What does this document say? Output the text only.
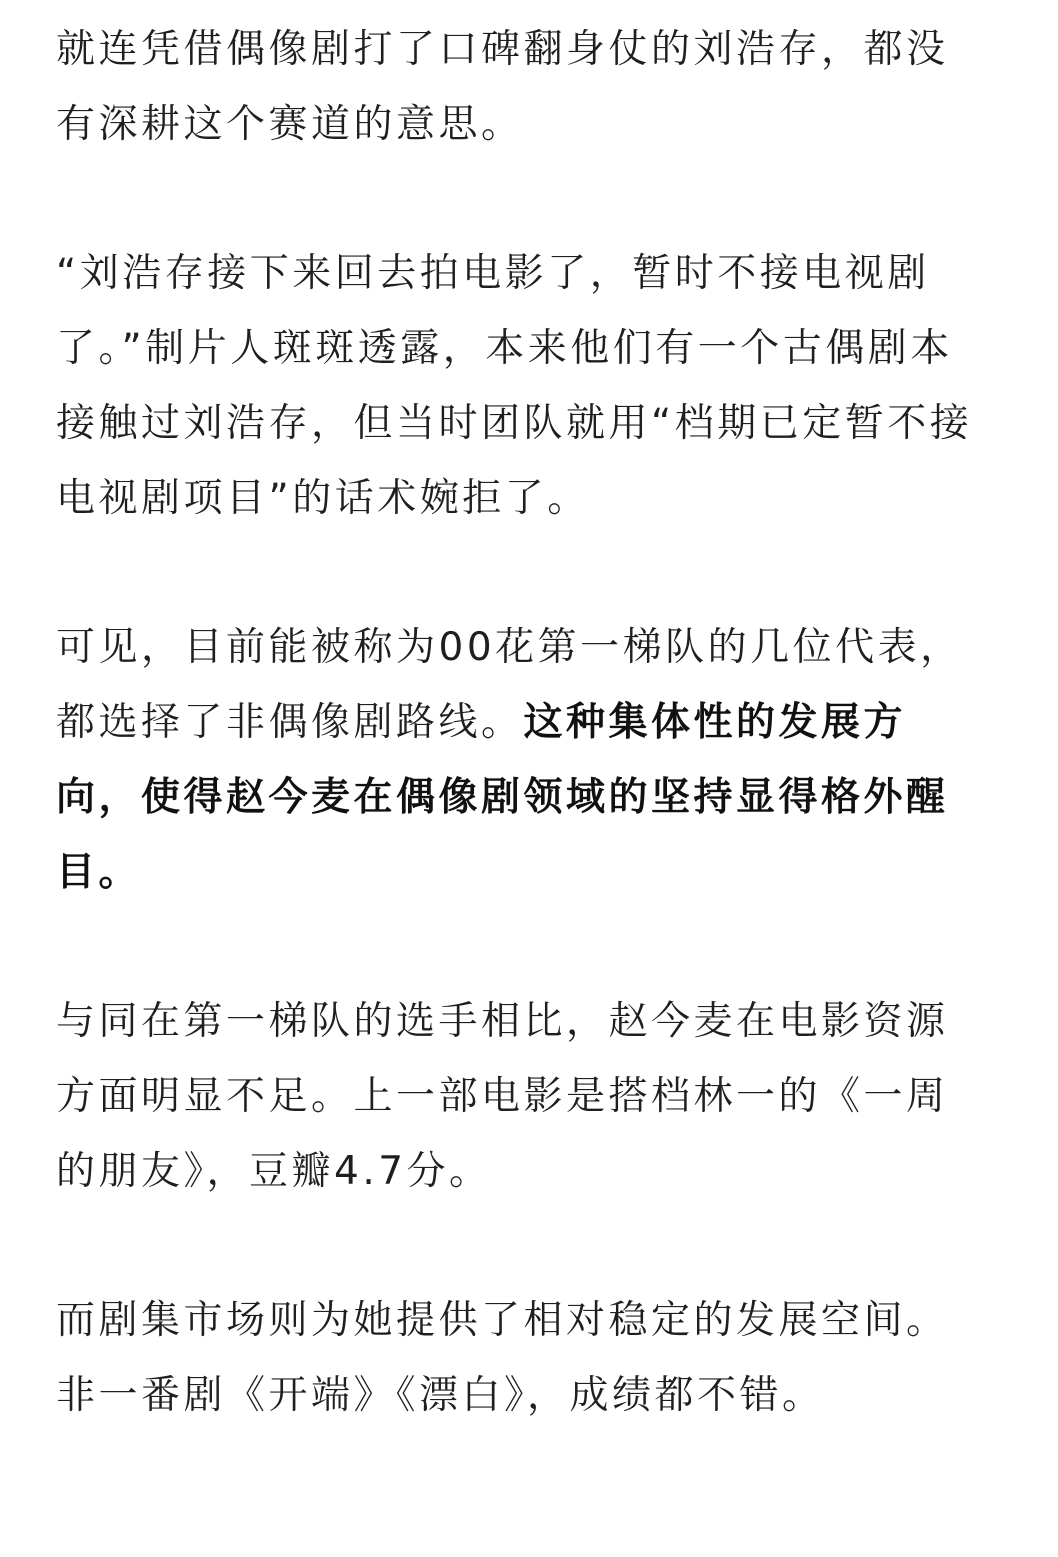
就连凭借偶像剧打了口碑翻身仗的刘浩存，都没有深耕这个赛道的意思。

“刘浩存接下来回去拍电影了，暂时不接电视剧了。”制片人斑斑透露，本来他们有一个古偶剧本接触过刘浩存，但当时团队就用“档期已定暂不接电视剧项目”的话术婉拒了。

可见，目前能被称为00花第一梯队的几位代表，都选择了非偶像剧路线。这种集体性的发展方向，使得赵今麦在偶像剧领域的坚持显得格外醒目。

与同在第一梯队的选手相比，赵今麦在电影资源方面明显不足。上一部电影是搭档林一的《一周的朋友》，豆瓣4.7分。

而剧集市场则为她提供了相对稳定的发展空间。非一番剧《开端》《漂白》，成绩都不错。
